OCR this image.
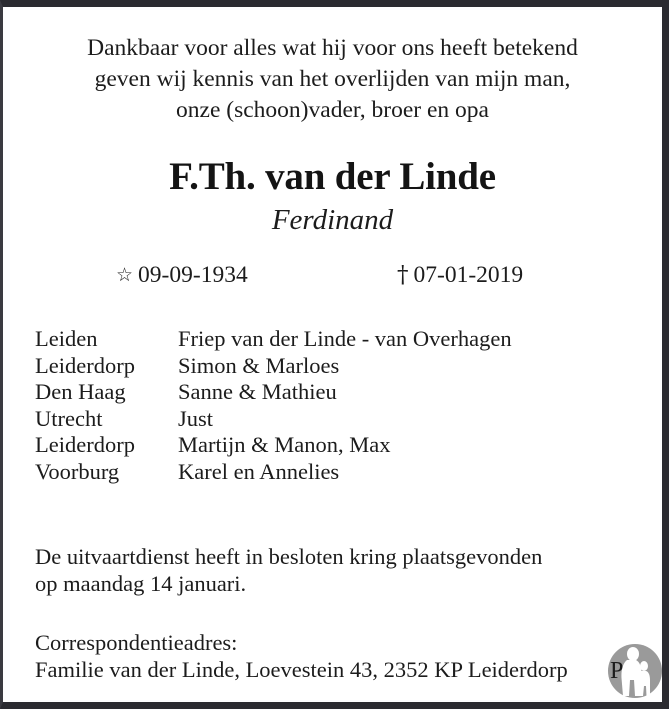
Dankbaar voor alles wat hij voor ons heeft betekend
geven wij kennis van het overlijden van mijn man,
onze (schoon)vader, broer en opa
F.Th. van der Linde
Ferdinand
☆ 09-09-1934	† 07-01-2019
Leiden	Friep van der Linde - van Overhagen
Leiderdorp Simon & Marloes
Den Haag Sanne & Mathieu
Utrecht	Just
Leiderdorp Martijn & Manon, Max
Voorburg	Karel en Annelies
De uitvaartdienst heeft in besloten kring plaatsgevonden
op maandag 14 januari.
Correspondentieadres:
Familie van der Linde, Loevestein 43, 2352 KP Leiderdorp	P
